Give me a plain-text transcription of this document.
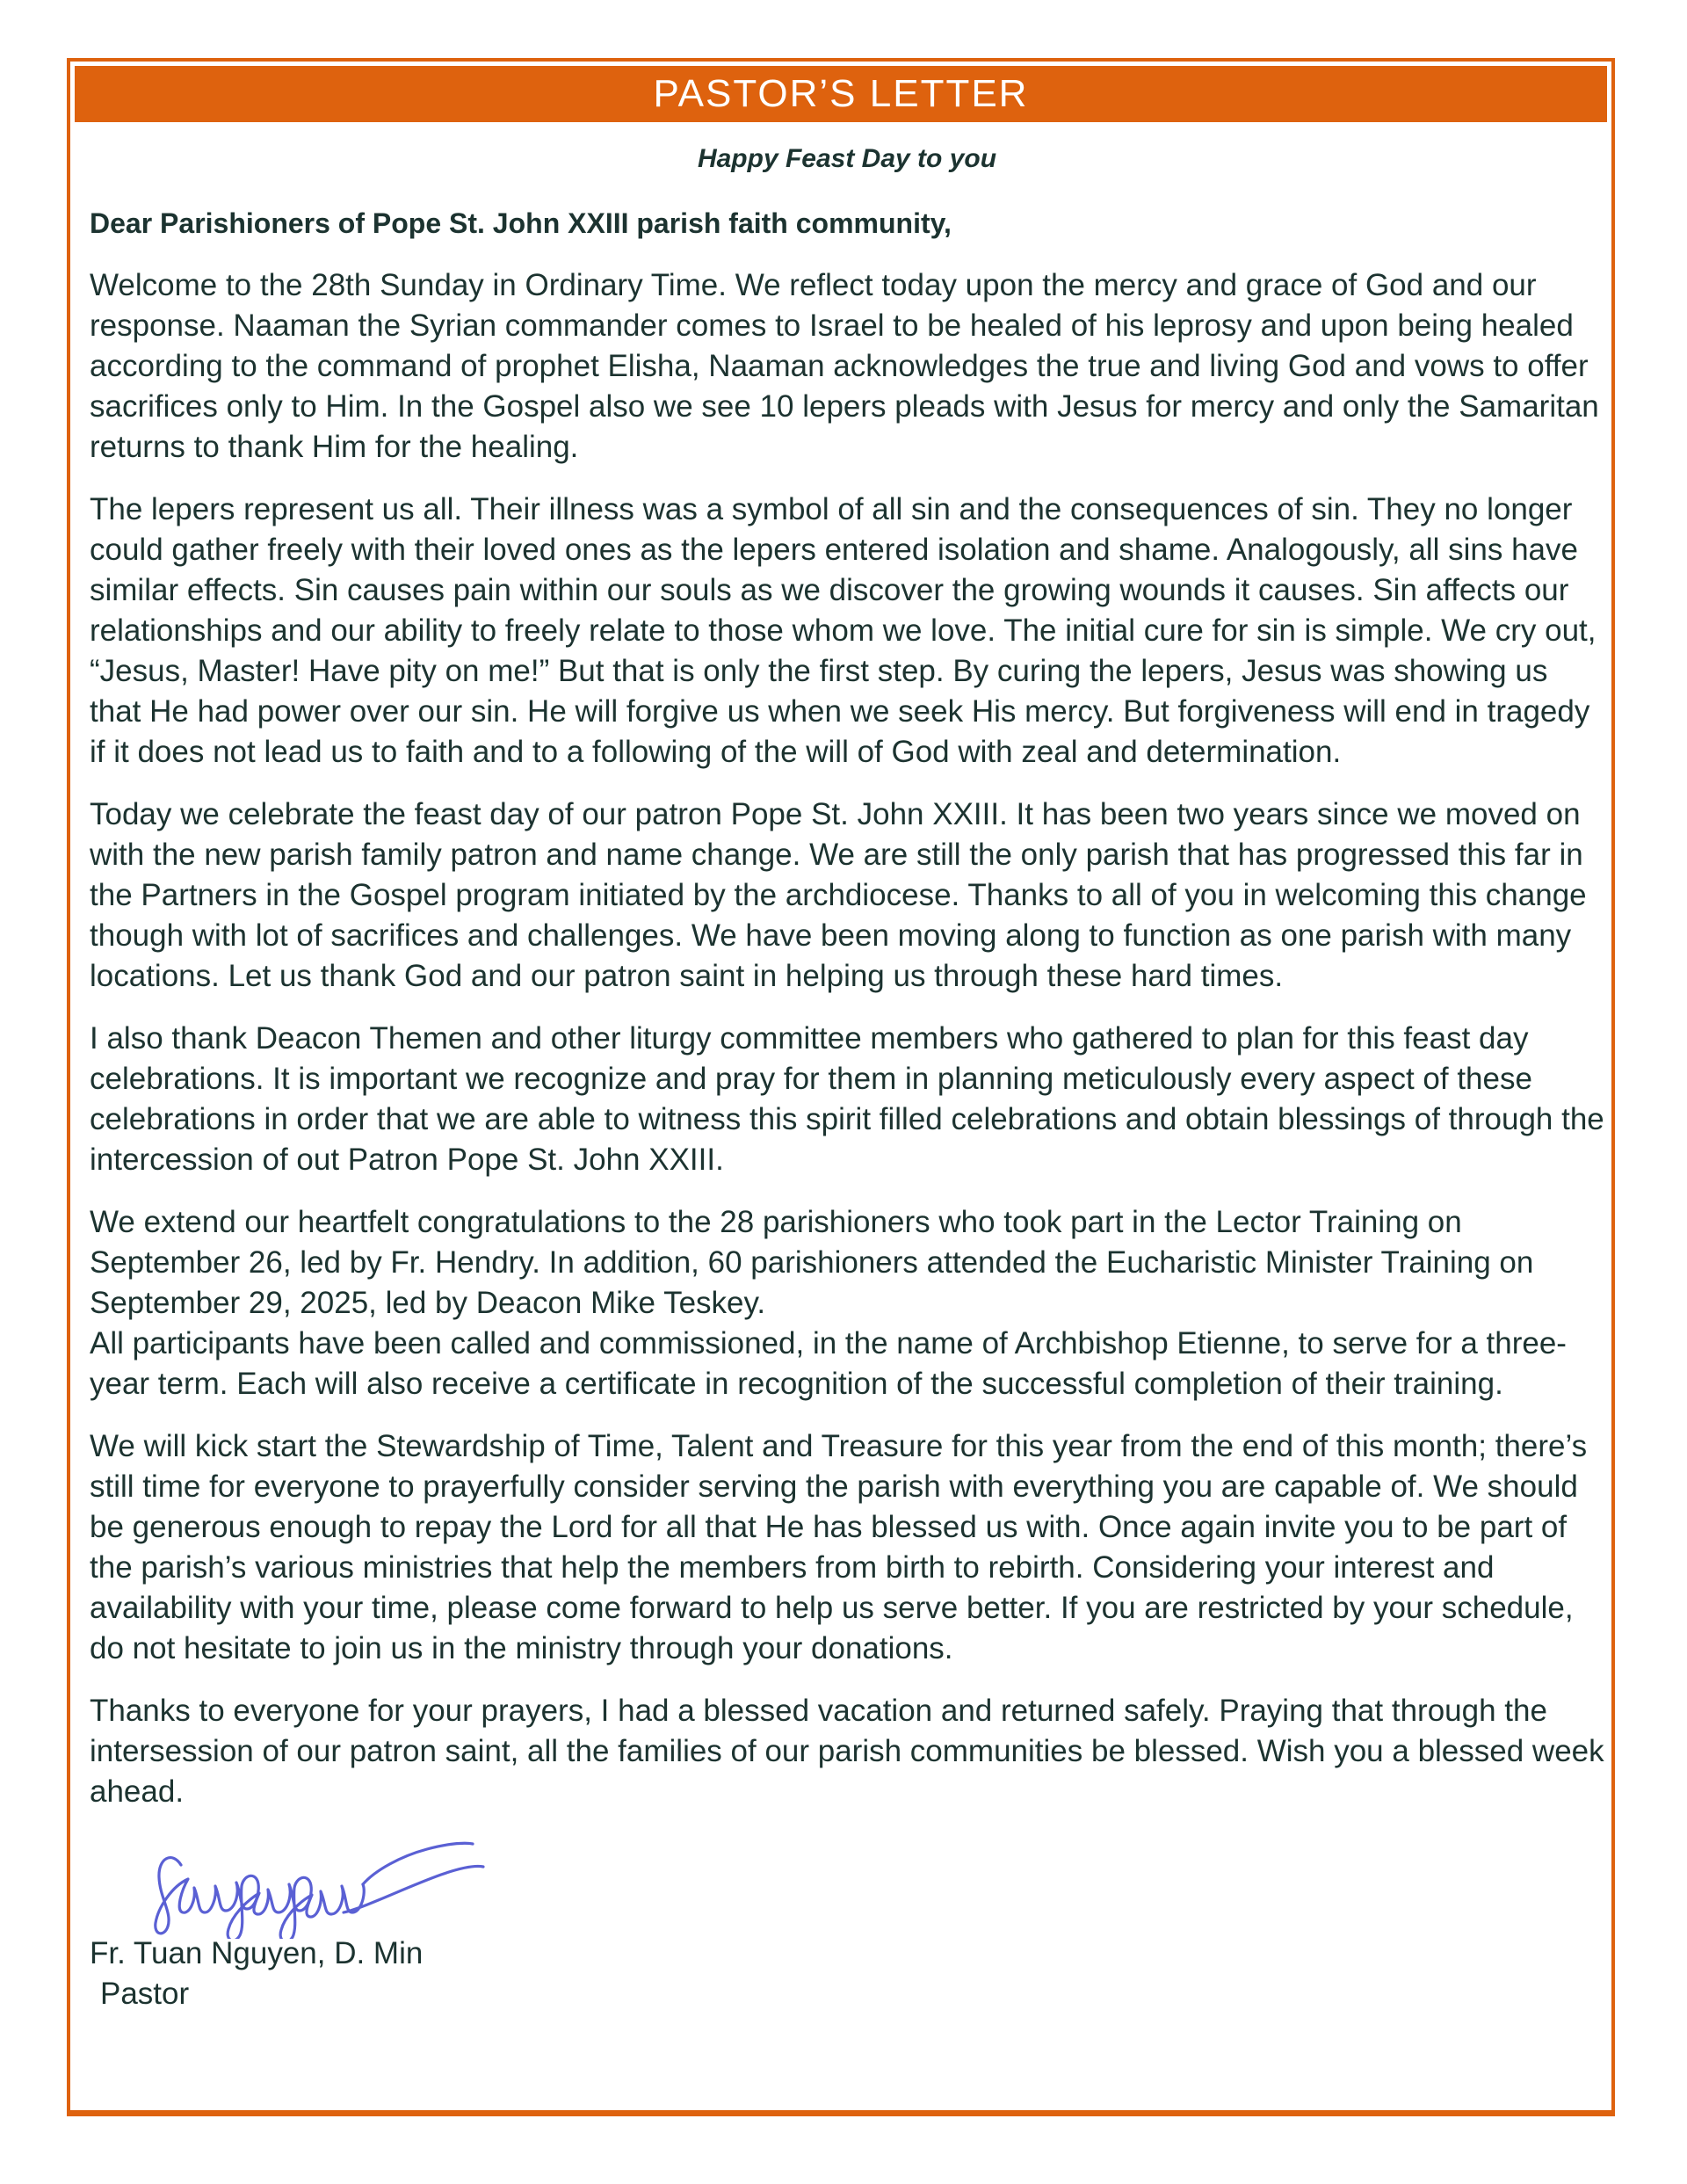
PASTOR’S LETTER
Happy Feast Day to you
Dear Parishioners of Pope St. John XXIII parish faith community,

Welcome to the 28th Sunday in Ordinary Time. We reflect today upon the mercy and grace of God and our response. Naaman the Syrian commander comes to Israel to be healed of his leprosy and upon being healed according to the command of prophet Elisha, Naaman acknowledges the true and living God and vows to offer sacrifices only to Him. In the Gospel also we see 10 lepers pleads with Jesus for mercy and only the Samaritan returns to thank Him for the healing.

The lepers represent us all. Their illness was a symbol of all sin and the consequences of sin. They no longer could gather freely with their loved ones as the lepers entered isolation and shame. Analogously, all sins have similar effects. Sin causes pain within our souls as we discover the growing wounds it causes. Sin affects our relationships and our ability to freely relate to those whom we love. The initial cure for sin is simple. We cry out, “Jesus, Master! Have pity on me!” But that is only the first step. By curing the lepers, Jesus was showing us that He had power over our sin. He will forgive us when we seek His mercy. But forgiveness will end in tragedy if it does not lead us to faith and to a following of the will of God with zeal and determination.

Today we celebrate the feast day of our patron Pope St. John XXIII. It has been two years since we moved on with the new parish family patron and name change. We are still the only parish that has progressed this far in the Partners in the Gospel program initiated by the archdiocese. Thanks to all of you in welcoming this change though with lot of sacrifices and challenges. We have been moving along to function as one parish with many locations. Let us thank God and our patron saint in helping us through these hard times.

I also thank Deacon Themen and other liturgy committee members who gathered to plan for this feast day celebrations. It is important we recognize and pray for them in planning meticulously every aspect of these celebrations in order that we are able to witness this spirit filled celebrations and obtain blessings of through the intercession of out Patron Pope St. John XXIII.

We extend our heartfelt congratulations to the 28 parishioners who took part in the Lector Training on September 26, led by Fr. Hendry. In addition, 60 parishioners attended the Eucharistic Minister Training on September 29, 2025, led by Deacon Mike Teskey.
All participants have been called and commissioned, in the name of Archbishop Etienne, to serve for a three-year term. Each will also receive a certificate in recognition of the successful completion of their training.

We will kick start the Stewardship of Time, Talent and Treasure for this year from the end of this month; there’s still time for everyone to prayerfully consider serving the parish with everything you are capable of. We should be generous enough to repay the Lord for all that He has blessed us with. Once again invite you to be part of the parish’s various ministries that help the members from birth to rebirth. Considering your interest and availability with your time, please come forward to help us serve better. If you are restricted by your schedule, do not hesitate to join us in the ministry through your donations.

Thanks to everyone for your prayers, I had a blessed vacation and returned safely. Praying that through the intersession of our patron saint, all the families of our parish communities be blessed. Wish you a blessed week ahead.

Fr. Tuan Nguyen, D. Min
Pastor
